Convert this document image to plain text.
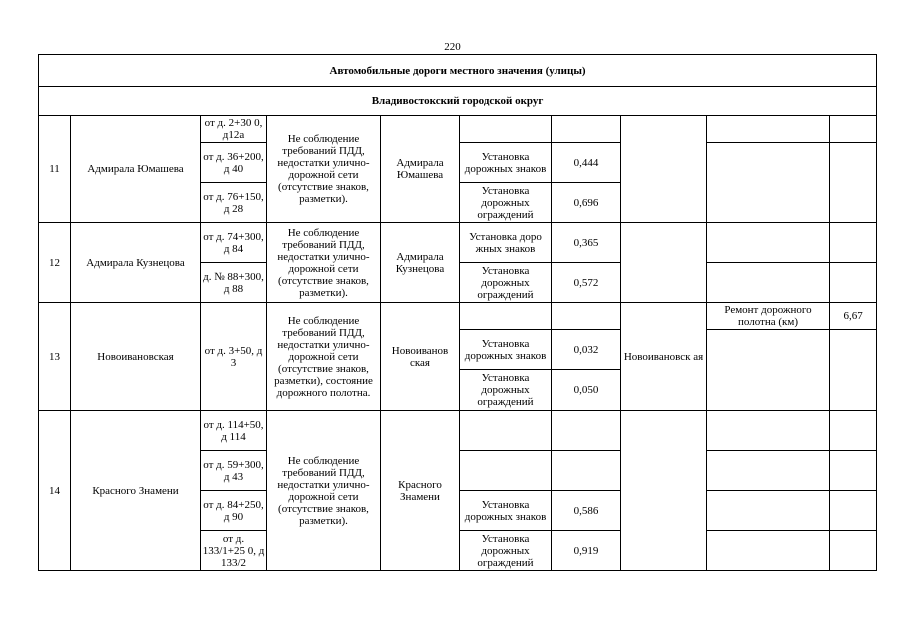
220
Автомобильные дороги местного значения (улицы)									
Владивостокский городской округ									
11	Адмирала Юмашева	от д. 2+30 0, д12а	Не соблюдение требований ПДД, недостатки улично-дорожной сети (отсутствие знаков, разметки).	Адмирала Юмашева					
		от д. 36+200, д 40			Установка дорожных знаков	0,444			
		от д. 76+150, д 28			Установка дорожных ограждений	0,696			
12	Адмирала Кузнецова	от д. 74+300, д 84	Не соблюдение требований ПДД, недостатки улично-дорожной сети (отсутствие знаков, разметки).	Адмирала Кузнецова	Установка доро жных знаков	0,365			
		д. № 88+300, д 88			Установка дорожных ограждений	0,572			
13	Новоивановская	от д. 3+50, д 3	Не соблюдение требований ПДД, недостатки улично-дорожной сети (отсутствие знаков, разметки), состояние дорожного полотна.	Новоиванов ская			Новоивановск ая	Ремонт дорожного полотна (км)	6,67
					Установка дорожных знаков	0,032			
					Установка дорожных ограждений	0,050			
14	Красного Знамени	от д. 114+50, д 114	Не соблюдение требований ПДД, недостатки улично-дорожной сети (отсутствие знаков, разметки).	Красного Знамени					
		от д. 59+300, д 43							
		от д. 84+250, д 90			Установка дорожных знаков	0,586			
		от д. 133/1+25 0, д 133/2			Установка дорожных ограждений	0,919			
